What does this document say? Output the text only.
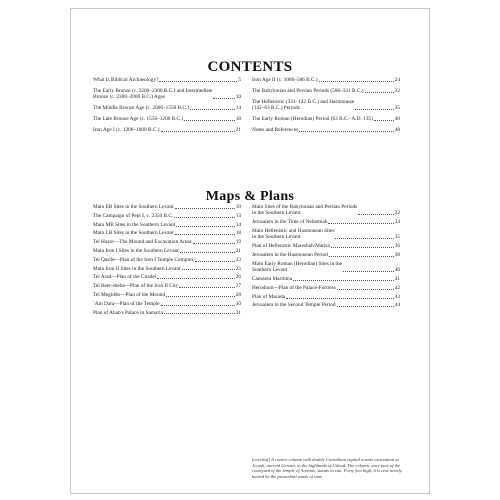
CONTENTS
What Is Biblical Archaeology?	5
The Early Bronze (c. 3200–2300 B.C.) and Intermediate
Bronze (c. 2300–2000 B.C.) Ages	10
The Middle Bronze Age (c. 2000–1550 B.C.)	14
The Late Bronze Age (c. 1550–1200 B.C.)	18
Iron Age I (c. 1200–1000 B.C.)	21
Iron Age II (c. 1000–586 B.C.)	24
The Babylonian and Persian Periods (586–331 B.C.)	32
The Hellenistic (331–142 B.C.) and Hasmonean
(142–63 B.C.) Periods	35
The Early Roman (Herodian) Period (63 B.C.–A.D. 135)	40
Notes and References	48
Maps & Plans
Main EB Sites in the Southern Levant	10
The Campaign of Pepi I, c. 2350 B.C.	13
Main MB Sites in the Southern Levant	14
Main LB Sites in the Southern Levant	18
Tel Hazor—The Mound and Excavation Areas	19
Main Iron I Sites in the Southern Levant	21
Tel Qasile—Plan of the Iron I Temple Complex	23
Main Iron II Sites in the Southern Levant	25
Tel Arad—Plan of the Citadel	26
Tel Beer-sheba—Plan of the Iron II City	27
Tel Megiddo—Plan of the Mound	28
ʿAin Dara—Plan of the Temple	30
Plan of Ahab's Palace in Samaria	31
Main Sites of the Babylonian and Persian Periods
in the Southern Levant	32
Jerusalem in the Time of Nehemiah	34
Main Hellenistic and Hasmonean Sites
in the Southern Levant	35
Plan of Hellenistic Mareshah/Marisa	36
Jerusalem in the Hasmonean Period	38
Main Early Roman (Herodian) Sites in the
Southern Levant	40
Caesarea Maritima	41
Herodium—Plan of the Palace-Fortress	42
Plan of Masada	43
Jerusalem in the Second Temple Period	44
(overleaf) A corner column with double Corinthian capital awaits excavation at Jerash, ancient Gerasa, in the highlands of Gilead. The column, once part of the courtyard of the temple of Artemis, stands in situ. Forty feet high, it is now nearly buried by the proverbial sands of time.
